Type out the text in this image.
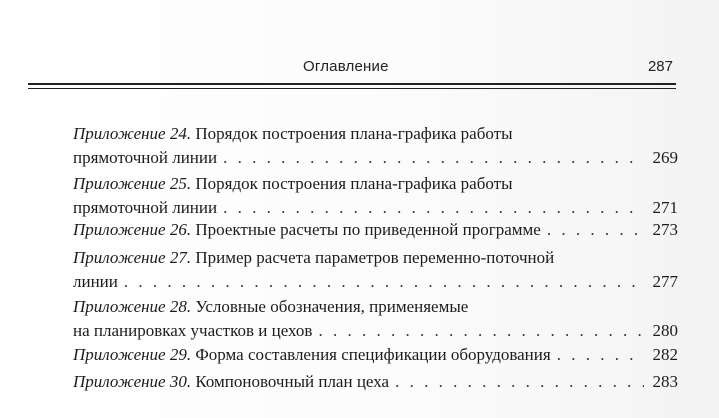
Оглавление	287
Приложение 24. Порядок построения плана-графика работы
прямоточной линии . . .	269
Приложение 25. Порядок построения плана-графика работы
прямоточной линии . . .	271
Приложение 26. Проектные расчеты по приведенной программе . . .	273
Приложение 27. Пример расчета параметров переменно-поточной
линии . . .	277
Приложение 28. Условные обозначения, применяемые
на планировках участков и цехов . . .	280
Приложение 29. Форма составления спецификации оборудования . . .	282
Приложение 30. Компоновочный план цеха . . .	283
